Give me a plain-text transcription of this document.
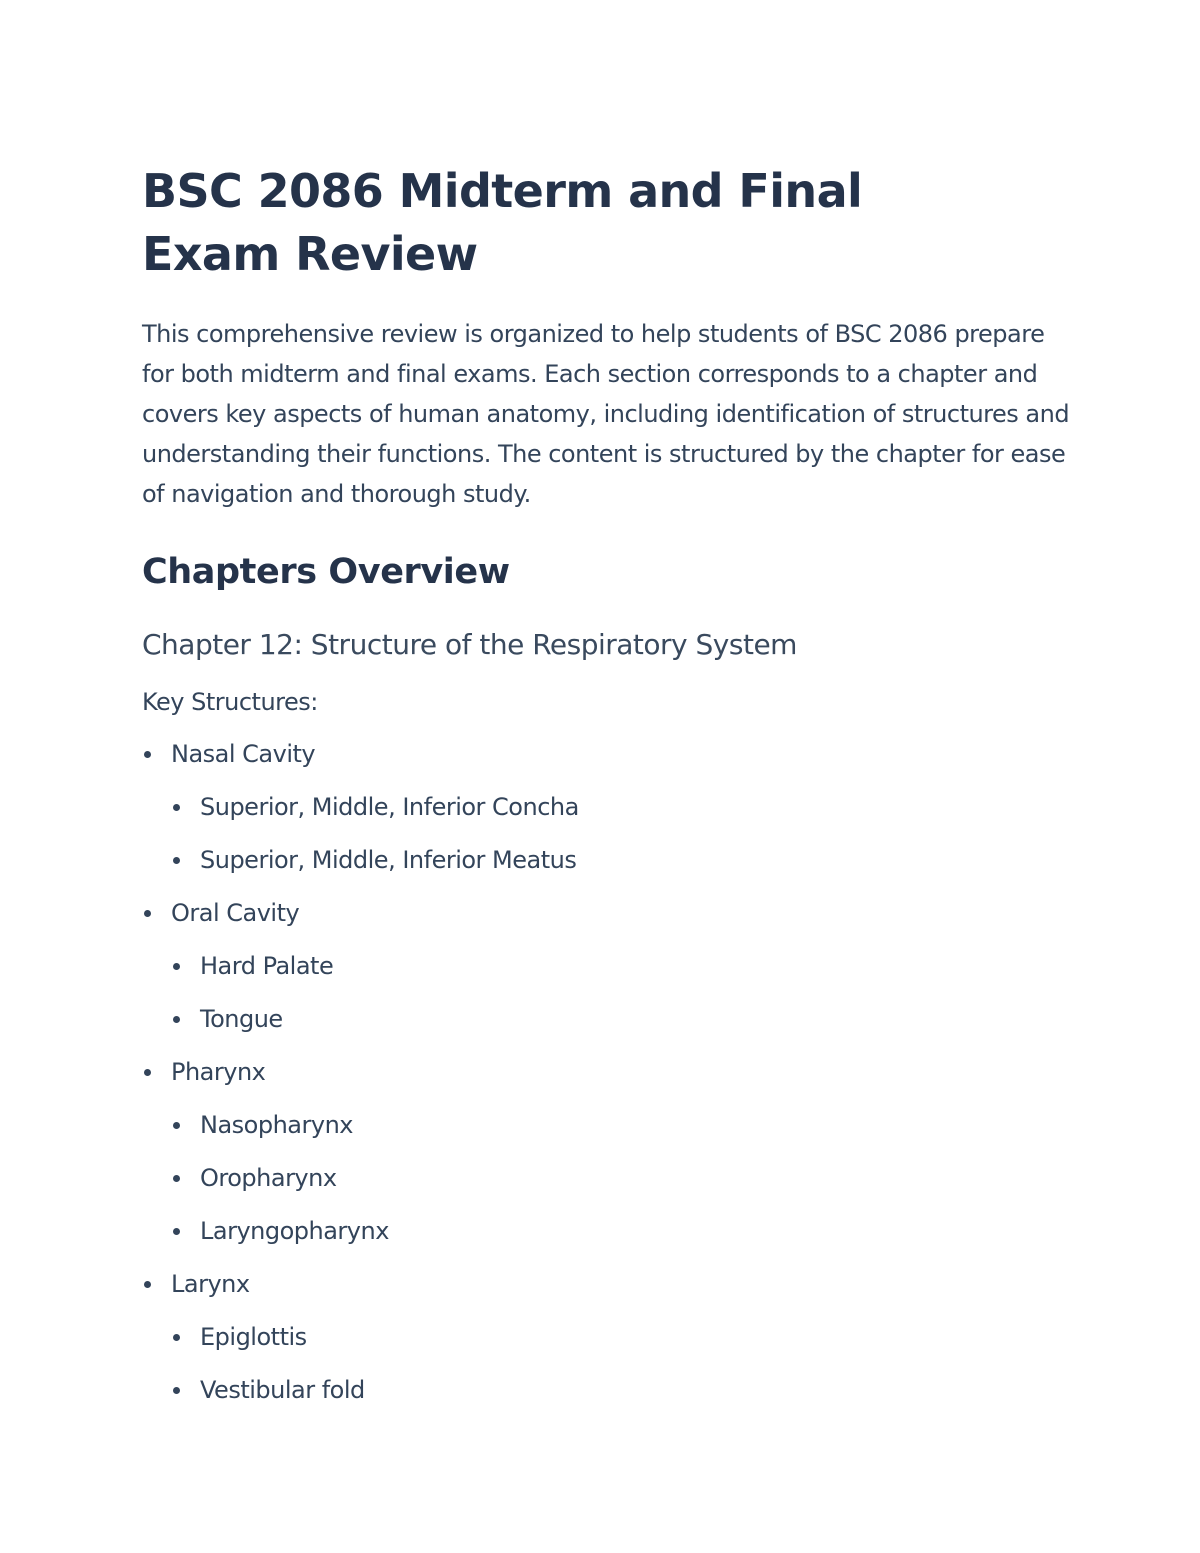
BSC 2086 Midterm and Final Exam Review

This comprehensive review is organized to help students of BSC 2086 prepare for both midterm and final exams. Each section corresponds to a chapter and covers key aspects of human anatomy, including identification of structures and understanding their functions. The content is structured by the chapter for ease of navigation and thorough study.

Chapters Overview
Chapter 12: Structure of the Respiratory System

Key Structures:

Nasal Cavity
Superior, Middle, Inferior Concha
Superior, Middle, Inferior Meatus
Oral Cavity
Hard Palate
Tongue
Pharynx
Nasopharynx
Oropharynx
Laryngopharynx
Larynx
Epiglottis
Vestibular fold
